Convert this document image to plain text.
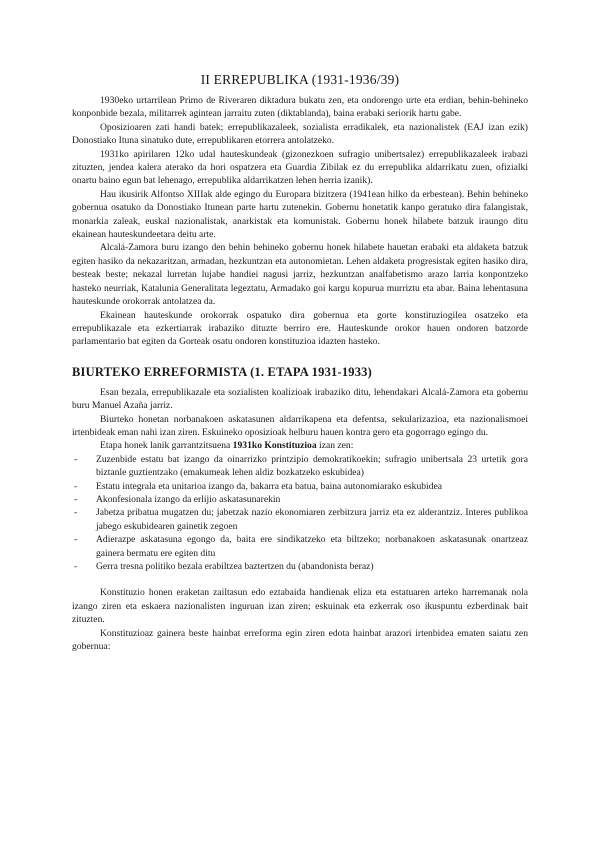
II ERREPUBLIKA (1931-1936/39)

1930eko urtarrilean Primo de Riveraren diktadura bukatu zen, eta ondorengo urte eta erdian, behin-behineko konponbide bezala, militarrek agintean jarraitu zuten (diktablanda), baina erabaki seriorik hartu gabe.

Oposizioaren zati handi batek; errepublikazaleek, sozialista erradikalek, eta nazionalistek (EAJ izan ezik) Donostiako Ituna sinatuko dute, errepublikaren etorrera antolatzeko.

1931ko apirilaren 12ko udal hauteskundeak (gizonezkoen sufragio unibertsalez) errepublikazaleek irabazi zituzten, jendea kalera aterako da hori ospatzera eta Guardia Zibilak ez du errepublika aldarrikatu zuen, ofizialki onartu baino egun bat lehenago, errepublika aldarrikatzen lehen herria izanik).

Hau ikusirik Alfontso XIIIak alde egingo du Europara bizitzera (1941ean hilko da erbestean). Behin behineko gobernua osatuko da Donostiako Itunean parte hartu zutenekin. Gobernu honetatik kanpo geratuko dira falangistak, monarkia zaleak, euskal nazionalistak, anarkistak eta komunistak. Gobernu honek hilabete batzuk iraungo ditu ekainean hauteskundeetara deitu arte.

Alcalá-Zamora buru izango den behin behineko gobernu honek hilabete hauetan erabaki eta aldaketa batzuk egiten hasiko da nekazaritzan, armadan, hezkuntzan eta autonomietan. Lehen aldaketa progresistak egiten hasiko dira, besteak beste; nekazal lurretan lujabe handiei nagusi jarriz, hezkuntzan analfabetismo arazo larria konpontzeko hasteko neurriak, Katalunia Generalitata legeztatu, Armadako goi kargu kopurua murriztu eta abar. Baina lehentasuna hauteskunde orokorrak antolatzea da.

Ekainean hauteskunde orokorrak ospatuko dira gobernua eta gorte konstituziogilea osatzeko eta errepublikazale eta ezkertiarrak irabaziko dituzte berriro ere. Hauteskunde orokor hauen ondoren batzorde parlamentario bat egiten da Gorteak osatu ondoren konstituzioa idazten hasteko.

BIURTEKO ERREFORMISTA (1. ETAPA 1931-1933)

Esan bezala, errepublikazale eta sozialisten koalizioak irabaziko ditu, lehendakari Alcalá-Zamora eta gobernu buru Manuel Azaña jarriz.

Biurteko honetan norbanakoen askatasunen aldarrikapena eta defentsa, sekularizazioa, eta nazionalismoei irtenbideak eman nahi izan ziren. Eskuineko oposizioak helburu hauen kontra gero eta gogorrago egingo du.

Etapa honek lanik garrantzitsuena 1931ko Konstituzioa izan zen:

- Zuzenbide estatu bat izango da oinarrizko printzipio demokratikoekin; sufragio unibertsala 23 urtetik gora biztanle guztientzako (emakumeak lehen aldiz bozkatzeko eskubidea)
- Estatu integrala eta unitarioa izango da, bakarra eta batua, baina autonomiarako eskubidea
- Akonfesionala izango da erlijio askatasunarekin
- Jabetza pribatua mugatzen du; jabetzak nazio ekonomiaren zerbitzura jarriz eta ez alderantziz. Interes publikoa jabego eskubidearen gainetik zegoen
- Adierazpe askatasuna egongo da, baita ere sindikatzeko eta biltzeko; norbanakoen askatasunak onartzeaz gainera bermatu ere egiten ditu
- Gerra tresna politiko bezala erabiltzea baztertzen du (abandonista beraz)

Konstituzio honen eraketan zailtasun edo eztabaida handienak eliza eta estatuaren arteko harremanak nola izango ziren eta eskaera nazionalisten inguruan izan ziren; eskuinak eta ezkerrak oso ikuspuntu ezberdinak bait zituzten.

Konstituzioaz gainera beste hainbat erreforma egin ziren edota hainbat arazori irtenbidea ematen saiatu zen gobernua:
